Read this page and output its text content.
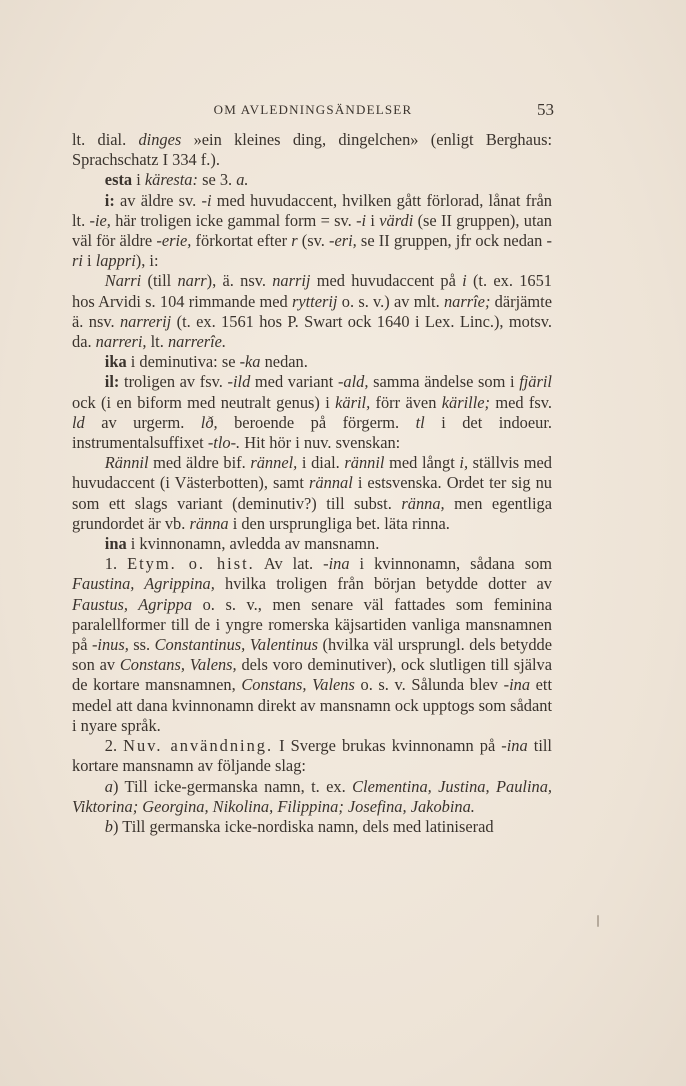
OM AVLEDNINGSÄNDELSER	53

lt. dial. dinges »ein kleines ding, dingelchen» (enligt Berghaus: Sprachschatz I 334 f.).

esta i käresta: se 3. a.

i: av äldre sv. -i med huvudaccent, hvilken gått förlorad, lånat från lt. -ie, här troligen icke gammal form = sv. -i i värdi (se II gruppen), utan väl för äldre -erie, förkortat efter r (sv. -eri, se II gruppen, jfr ock nedan -ri i lappri), i:

Narri (till narr), ä. nsv. narrij med huvudaccent på i (t. ex. 1651 hos Arvidi s. 104 rimmande med rytterij o. s. v.) av mlt. narrîe; därjämte ä. nsv. narrerij (t. ex. 1561 hos P. Swart ock 1640 i Lex. Linc.), motsv. da. narreri, lt. narrerîe.

ika i deminutiva: se -ka nedan.

il: troligen av fsv. -ild med variant -ald, samma ändelse som i fjäril ock (i en biform med neutralt genus) i käril, förr även kärille; med fsv. ld av urgerm. lð, beroende på förgerm. tl i det indoeur. instrumentalsuffixet -tlo-. Hit hör i nuv. svenskan:

Rännil med äldre bif. rännel, i dial. rännil med långt i, ställvis med huvudaccent (i Västerbotten), samt rännal i estsvenska. Ordet ter sig nu som ett slags variant (deminutiv?) till subst. ränna, men egentliga grundordet är vb. ränna i den ursprungliga bet. läta rinna.

ina i kvinnonamn, avledda av mansnamn.

1. Etym. o. hist. Av lat. -ina i kvinnonamn, sådana som Faustina, Agrippina, hvilka troligen från början betydde dotter av Faustus, Agrippa o. s. v., men senare väl fattades som feminina paralellformer till de i yngre romerska käjsartiden vanliga mansnamnen på -inus, ss. Constantinus, Valentinus (hvilka väl ursprungl. dels betydde son av Constans, Valens, dels voro deminutiver), ock slutligen till själva de kortare mansnamnen, Constans, Valens o. s. v. Sålunda blev -ina ett medel att dana kvinnonamn direkt av mansnamn ock upptogs som sådant i nyare språk.

2. Nuv. användning. I Sverge brukas kvinnonamn på -ina till kortare mansnamn av följande slag:

a) Till icke-germanska namn, t. ex. Clementina, Justina, Paulina, Viktorina; Georgina, Nikolina, Filippina; Josefina, Jakobina.

b) Till germanska icke-nordiska namn, dels med latiniserad
